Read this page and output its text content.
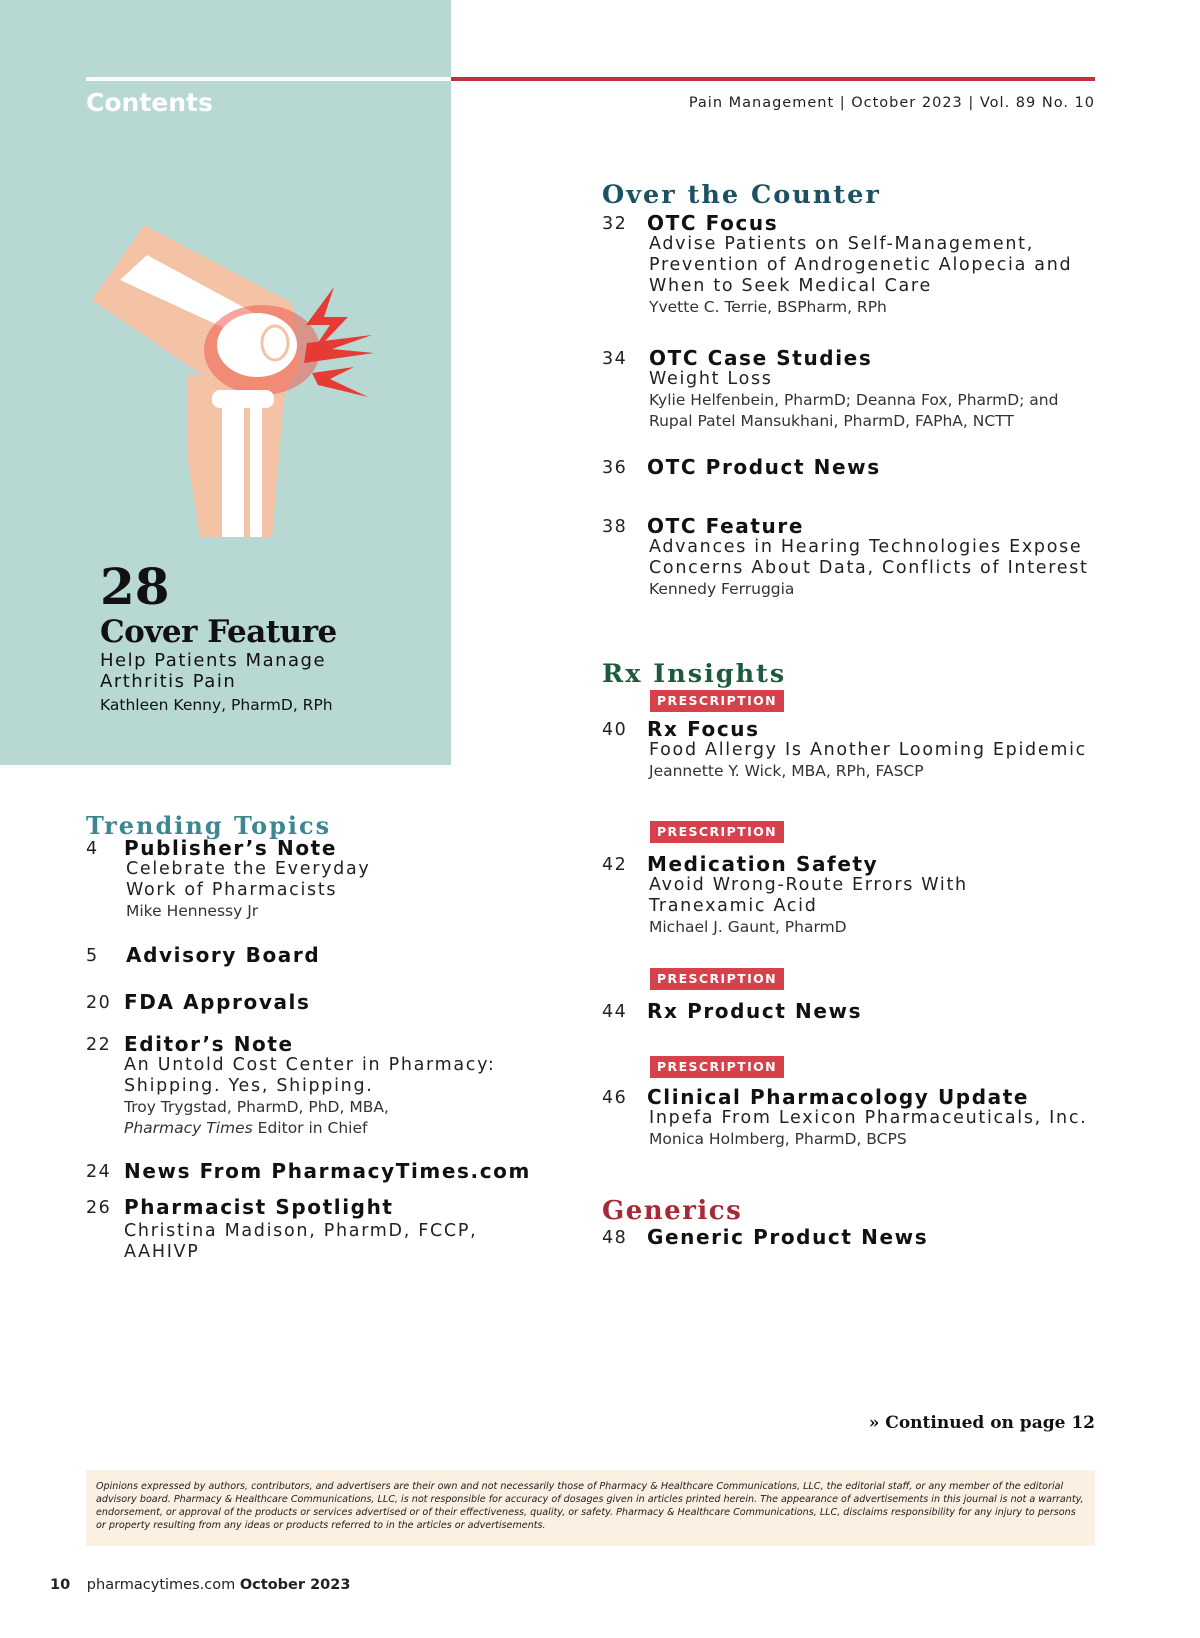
Contents	Pain Management | October 2023 | Vol. 89 No. 10
28
Cover Feature
Help Patients Manage
Arthritis Pain
Kathleen Kenny, PharmD, RPh
Trending Topics
Over the Counter
Rx Insights
Generics
4	Publisher’s Note
Celebrate the Everyday
Work of Pharmacists
Mike Hennessy Jr
5	Advisory Board
20 FDA Approvals
22 Editor’s Note
An Untold Cost Center in Pharmacy:
Shipping. Yes, Shipping.
Troy Trygstad, PharmD, PhD, MBA,
Pharmacy Times Editor in Chief
24 News From PharmacyTimes.com
26 Pharmacist Spotlight
Christina Madison, PharmD, FCCP,
AAHIVP
32 OTC Focus
Advise Patients on Self-Management,
Prevention of Androgenetic Alopecia and
When to Seek Medical Care
Yvette C. Terrie, BSPharm, RPh
34	OTC Case Studies
Weight Loss
Kylie Helfenbein, PharmD; Deanna Fox, PharmD; and
Rupal Patel Mansukhani, PharmD, FAPhA, NCTT
36 OTC Product News
38 OTC Feature
Advances in Hearing Technologies Expose
Concerns About Data, Conflicts of Interest
Kennedy Ferruggia
PRESCRIPTION
40 Rx Focus
Food Allergy Is Another Looming Epidemic
Jeannette Y. Wick, MBA, RPh, FASCP
PRESCRIPTION
42 Medication Safety
Avoid Wrong-Route Errors With
Tranexamic Acid
Michael J. Gaunt, PharmD
PRESCRIPTION
44 Rx Product News
PRESCRIPTION
46 Clinical Pharmacology Update
Inpefa From Lexicon Pharmaceuticals, Inc.
Monica Holmberg, PharmD, BCPS
48 Generic Product News
» Continued on page 12
Opinions expressed by authors, contributors, and advertisers are their own and not necessarily those of Pharmacy & Healthcare Communications, LLC, the editorial staff, or any member of the editorial advisory board. Pharmacy & Healthcare Communications, LLC, is not responsible for accuracy of dosages given in articles printed herein. The appearance of advertisements in this journal is not a warranty, endorsement, or approval of the products or services advertised or of their effectiveness, quality, or safety. Pharmacy & Healthcare Communications, LLC, disclaims responsibility for any injury to persons or property resulting from any ideas or products referred to in the articles or advertisements.
10 pharmacytimes.com October 2023
